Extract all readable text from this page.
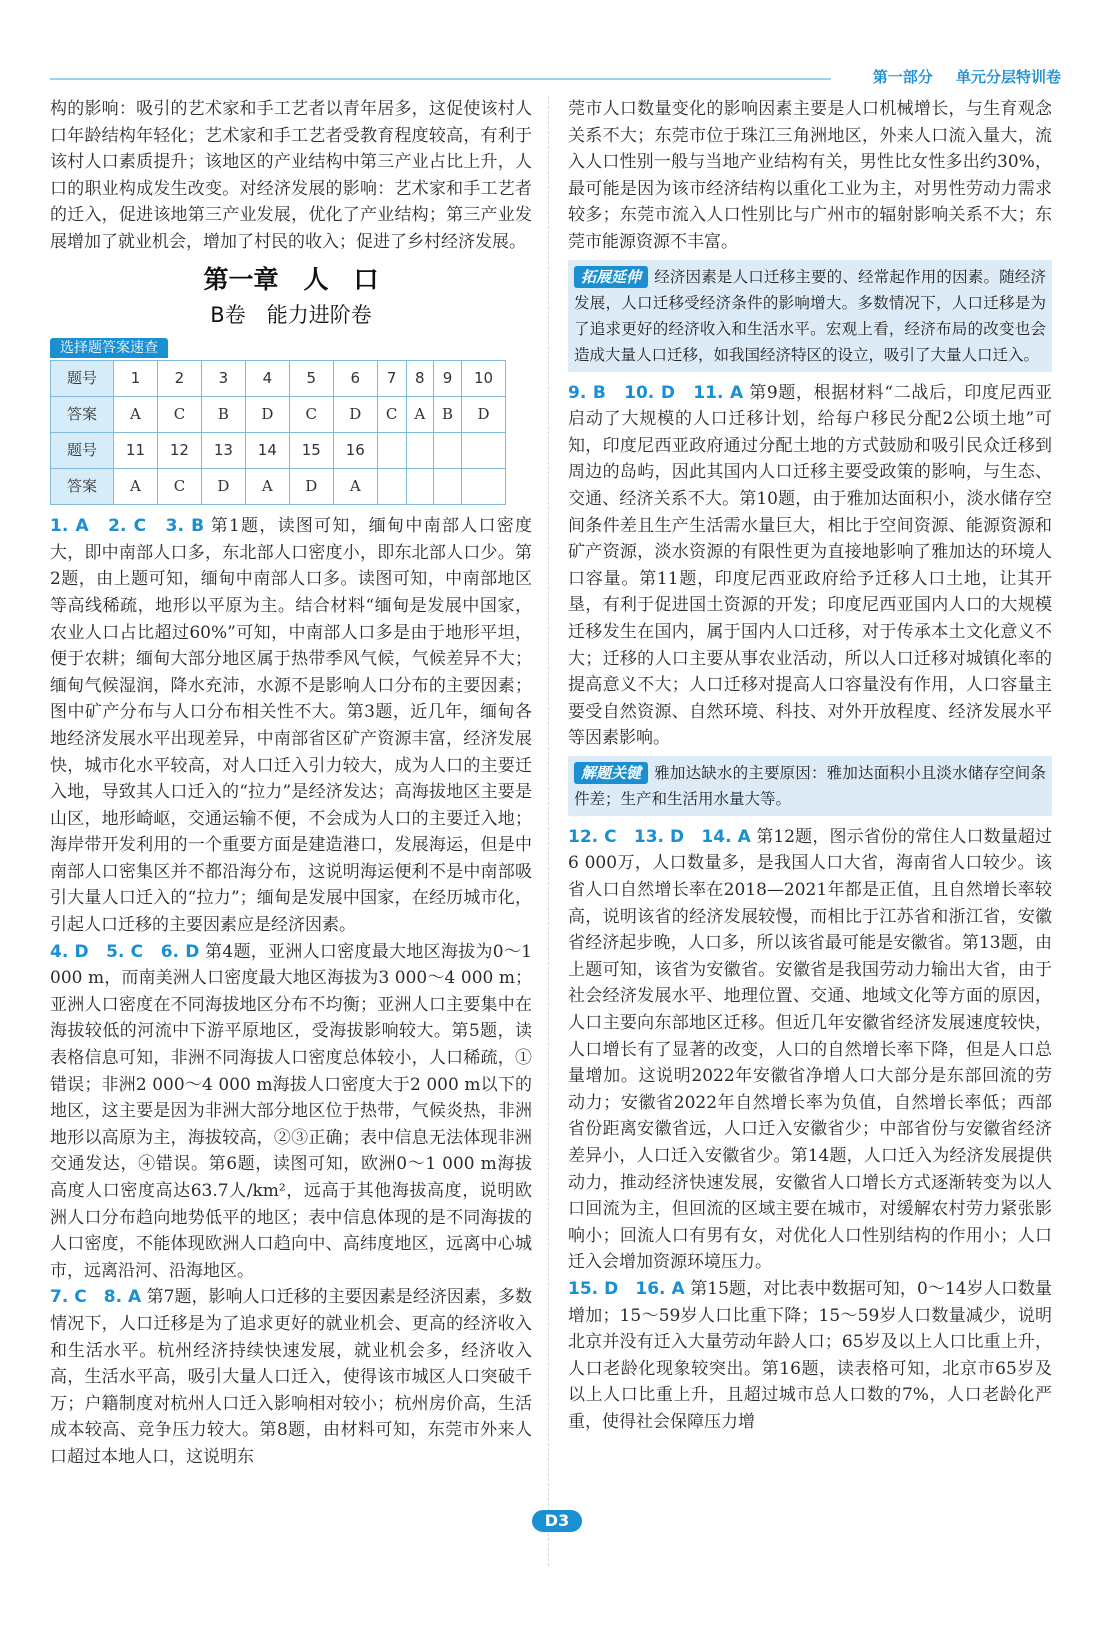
第一部分 单元分层特训卷

构的影响：吸引的艺术家和手工艺者以青年居多，这促使该村人口年龄结构年轻化；艺术家和手工艺者受教育程度较高，有利于该村人口素质提升；该地区的产业结构中第三产业占比上升，人口的职业构成发生改变。对经济发展的影响：艺术家和手工艺者的迁入，促进该地第三产业发展，优化了产业结构；第三产业发展增加了就业机会，增加了村民的收入；促进了乡村经济发展。

第一章　人　口
B卷　能力进阶卷
选择题答案速查
题号	1	2	3	4	5	6	7	8	9	10
答案	A	C	B	D	C	D	C	A	B	D
题号	11	12	13	14	15	16				
答案	A	C	D	A	D	A				

1. A　2. C　3. B 第1题，读图可知，缅甸中南部人口密度大，即中南部人口多，东北部人口密度小，即东北部人口少。第2题，由上题可知，缅甸中南部人口多。读图可知，中南部地区等高线稀疏，地形以平原为主。结合材料“缅甸是发展中国家，农业人口占比超过60%”可知，中南部人口多是由于地形平坦，便于农耕；缅甸大部分地区属于热带季风气候，气候差异不大；缅甸气候湿润，降水充沛，水源不是影响人口分布的主要因素；图中矿产分布与人口分布相关性不大。第3题，近几年，缅甸各地经济发展水平出现差异，中南部省区矿产资源丰富，经济发展快，城市化水平较高，对人口迁入引力较大，成为人口的主要迁入地，导致其人口迁入的“拉力”是经济发达；高海拔地区主要是山区，地形崎岖，交通运输不便，不会成为人口的主要迁入地；海岸带开发利用的一个重要方面是建造港口，发展海运，但是中南部人口密集区并不都沿海分布，这说明海运便利不是中南部吸引大量人口迁入的“拉力”；缅甸是发展中国家，在经历城市化，引起人口迁移的主要因素应是经济因素。

4. D　5. C　6. D 第4题，亚洲人口密度最大地区海拔为0～1 000 m，而南美洲人口密度最大地区海拔为3 000～4 000 m；亚洲人口密度在不同海拔地区分布不均衡；亚洲人口主要集中在海拔较低的河流中下游平原地区，受海拔影响较大。第5题，读表格信息可知，非洲不同海拔人口密度总体较小，人口稀疏，①错误；非洲2 000～4 000 m海拔人口密度大于2 000 m以下的地区，这主要是因为非洲大部分地区位于热带，气候炎热，非洲地形以高原为主，海拔较高，②③正确；表中信息无法体现非洲交通发达，④错误。第6题，读图可知，欧洲0～1 000 m海拔高度人口密度高达63.7人/km²，远高于其他海拔高度，说明欧洲人口分布趋向地势低平的地区；表中信息体现的是不同海拔的人口密度，不能体现欧洲人口趋向中、高纬度地区，远离中心城市，远离沿河、沿海地区。

7. C　8. A 第7题，影响人口迁移的主要因素是经济因素，多数情况下，人口迁移是为了追求更好的就业机会、更高的经济收入和生活水平。杭州经济持续快速发展，就业机会多，经济收入高，生活水平高，吸引大量人口迁入，使得该市城区人口突破千万；户籍制度对杭州人口迁入影响相对较小；杭州房价高，生活成本较高、竞争压力较大。第8题，由材料可知，东莞市外来人口超过本地人口，这说明东

莞市人口数量变化的影响因素主要是人口机械增长，与生育观念关系不大；东莞市位于珠江三角洲地区，外来人口流入量大，流入人口性别一般与当地产业结构有关，男性比女性多出约30%，最可能是因为该市经济结构以重化工业为主，对男性劳动力需求较多；东莞市流入人口性别比与广州市的辐射影响关系不大；东莞市能源资源不丰富。

拓展延伸 经济因素是人口迁移主要的、经常起作用的因素。随经济发展，人口迁移受经济条件的影响增大。多数情况下，人口迁移是为了追求更好的经济收入和生活水平。宏观上看，经济布局的改变也会造成大量人口迁移，如我国经济特区的设立，吸引了大量人口迁入。

9. B　10. D　11. A 第9题，根据材料“二战后，印度尼西亚启动了大规模的人口迁移计划，给每户移民分配2公顷土地”可知，印度尼西亚政府通过分配土地的方式鼓励和吸引民众迁移到周边的岛屿，因此其国内人口迁移主要受政策的影响，与生态、交通、经济关系不大。第10题，由于雅加达面积小，淡水储存空间条件差且生产生活需水量巨大，相比于空间资源、能源资源和矿产资源，淡水资源的有限性更为直接地影响了雅加达的环境人口容量。第11题，印度尼西亚政府给予迁移人口土地，让其开垦，有利于促进国土资源的开发；印度尼西亚国内人口的大规模迁移发生在国内，属于国内人口迁移，对于传承本土文化意义不大；迁移的人口主要从事农业活动，所以人口迁移对城镇化率的提高意义不大；人口迁移对提高人口容量没有作用，人口容量主要受自然资源、自然环境、科技、对外开放程度、经济发展水平等因素影响。

解题关键 雅加达缺水的主要原因：雅加达面积小且淡水储存空间条件差；生产和生活用水量大等。

12. C　13. D　14. A 第12题，图示省份的常住人口数量超过6 000万，人口数量多，是我国人口大省，海南省人口较少。该省人口自然增长率在2018—2021年都是正值，且自然增长率较高，说明该省的经济发展较慢，而相比于江苏省和浙江省，安徽省经济起步晚，人口多，所以该省最可能是安徽省。第13题，由上题可知，该省为安徽省。安徽省是我国劳动力输出大省，由于社会经济发展水平、地理位置、交通、地域文化等方面的原因，人口主要向东部地区迁移。但近几年安徽省经济发展速度较快，人口增长有了显著的改变，人口的自然增长率下降，但是人口总量增加。这说明2022年安徽省净增人口大部分是东部回流的劳动力；安徽省2022年自然增长率为负值，自然增长率低；西部省份距离安徽省远，人口迁入安徽省少；中部省份与安徽省经济差异小，人口迁入安徽省少。第14题，人口迁入为经济发展提供动力，推动经济快速发展，安徽省人口增长方式逐渐转变为以人口回流为主，但回流的区域主要在城市，对缓解农村劳力紧张影响小；回流人口有男有女，对优化人口性别结构的作用小；人口迁入会增加资源环境压力。

15. D　16. A 第15题，对比表中数据可知，0～14岁人口数量增加；15～59岁人口比重下降；15～59岁人口数量减少，说明北京并没有迁入大量劳动年龄人口；65岁及以上人口比重上升，人口老龄化现象较突出。第16题，读表格可知，北京市65岁及以上人口比重上升，且超过城市总人口数的7%，人口老龄化严重，使得社会保障压力增

D3
